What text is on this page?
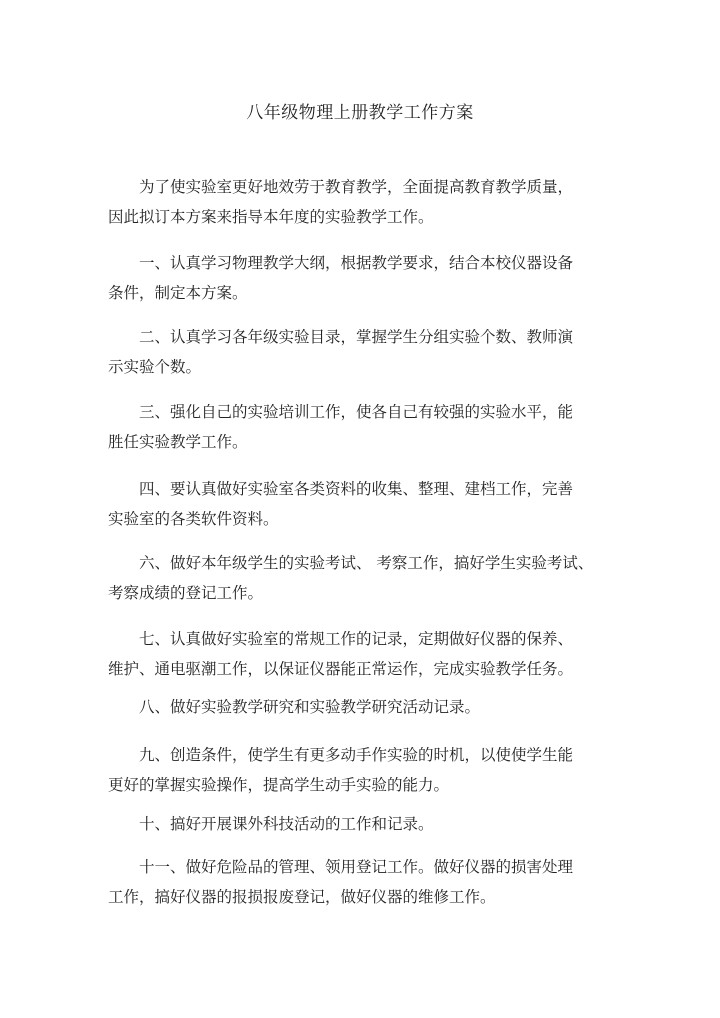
八年级物理上册教学工作方案

为了使实验室更好地效劳于教育教学，全面提高教育教学质量，
因此拟订本方案来指导本年度的实验教学工作。

一、认真学习物理教学大纲，根据教学要求，结合本校仪器设备
条件，制定本方案。

二、认真学习各年级实验目录，掌握学生分组实验个数、教师演
示实验个数。

三、强化自己的实验培训工作，使各自己有较强的实验水平，能
胜任实验教学工作。

四、要认真做好实验室各类资料的收集、整理、建档工作，完善
实验室的各类软件资料。

六、做好本年级学生的实验考试、 考察工作，搞好学生实验考试、
考察成绩的登记工作。

七、认真做好实验室的常规工作的记录，定期做好仪器的保养、
维护、通电驱潮工作，以保证仪器能正常运作，完成实验教学任务。

八、做好实验教学研究和实验教学研究活动记录。

九、创造条件，使学生有更多动手作实验的时机，以使使学生能
更好的掌握实验操作，提高学生动手实验的能力。

十、搞好开展课外科技活动的工作和记录。

十一、做好危险品的管理、领用登记工作。做好仪器的损害处理
工作，搞好仪器的报损报废登记，做好仪器的维修工作。
